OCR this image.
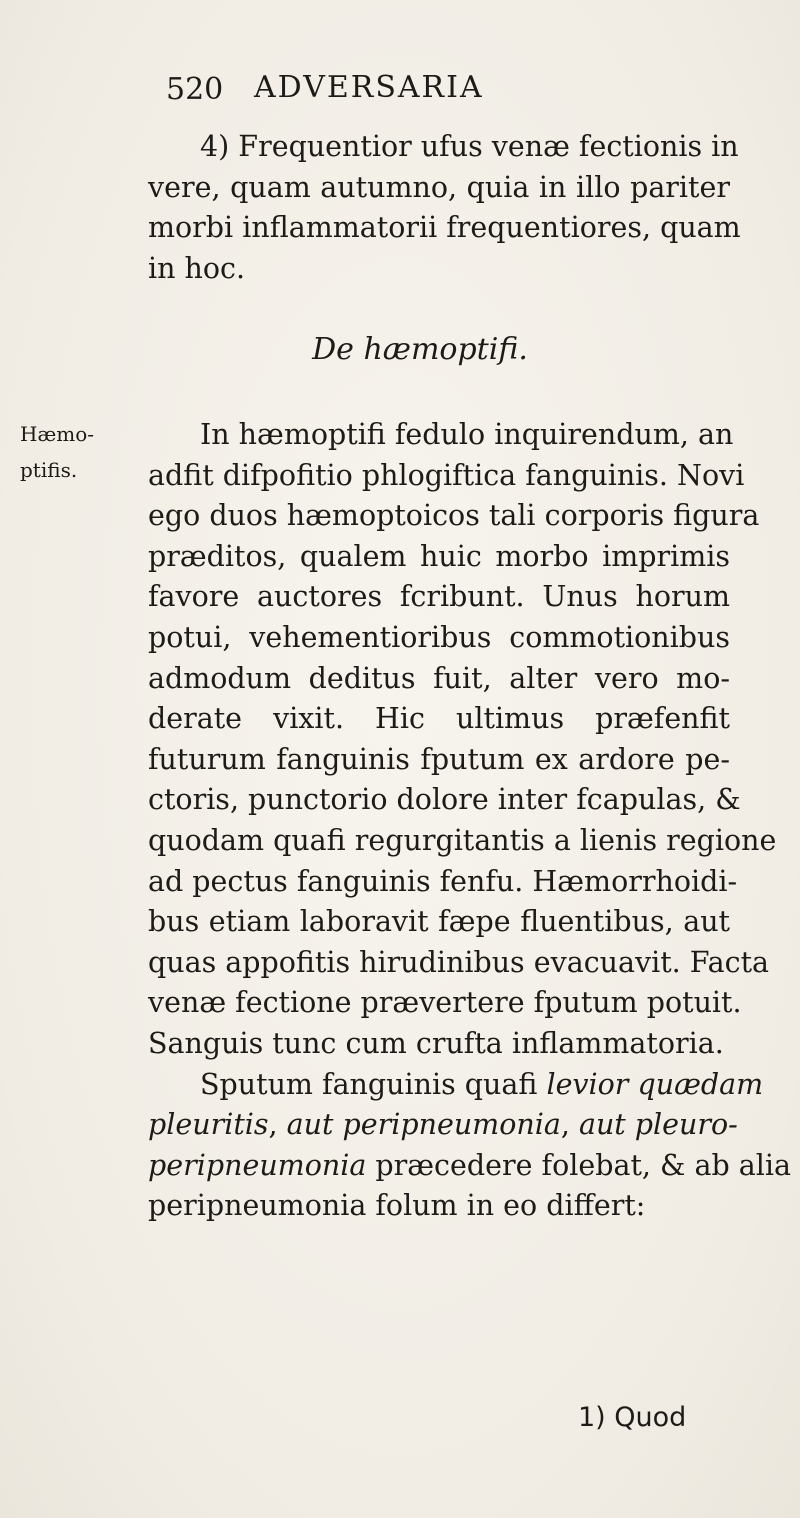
520 ADVERSARIA
4) Frequentior ufus venæ fectionis in
vere, quam autumno, quia in illo pariter
morbi inflammatorii frequentiores, quam
in hoc.
De hæmoptifi.
Hæmo-
ptifis.
In hæmoptifi fedulo inquirendum, an
adfit difpofitio phlogiftica fanguinis. Novi
ego duos hæmoptoicos tali corporis figura
præditos, qualem huic morbo imprimis
favore auctores fcribunt. Unus horum
potui, vehementioribus commotionibus
admodum deditus fuit, alter vero mo-
derate vixit. Hic ultimus præfenfit
futurum fanguinis fputum ex ardore pe-
ctoris, punctorio dolore inter fcapulas, &
quodam quafi regurgitantis a lienis regione
ad pectus fanguinis fenfu. Hæmorrhoidi-
bus etiam laboravit fæpe fluentibus, aut
quas appofitis hirudinibus evacuavit. Facta
venæ fectione prævertere fputum potuit.
Sanguis tunc cum crufta inflammatoria.
Sputum fanguinis quafi levior quædam
pleuritis, aut peripneumonia, aut pleuro-
peripneumonia præcedere folebat, & ab alia
peripneumonia folum in eo differt:
1) Quod
